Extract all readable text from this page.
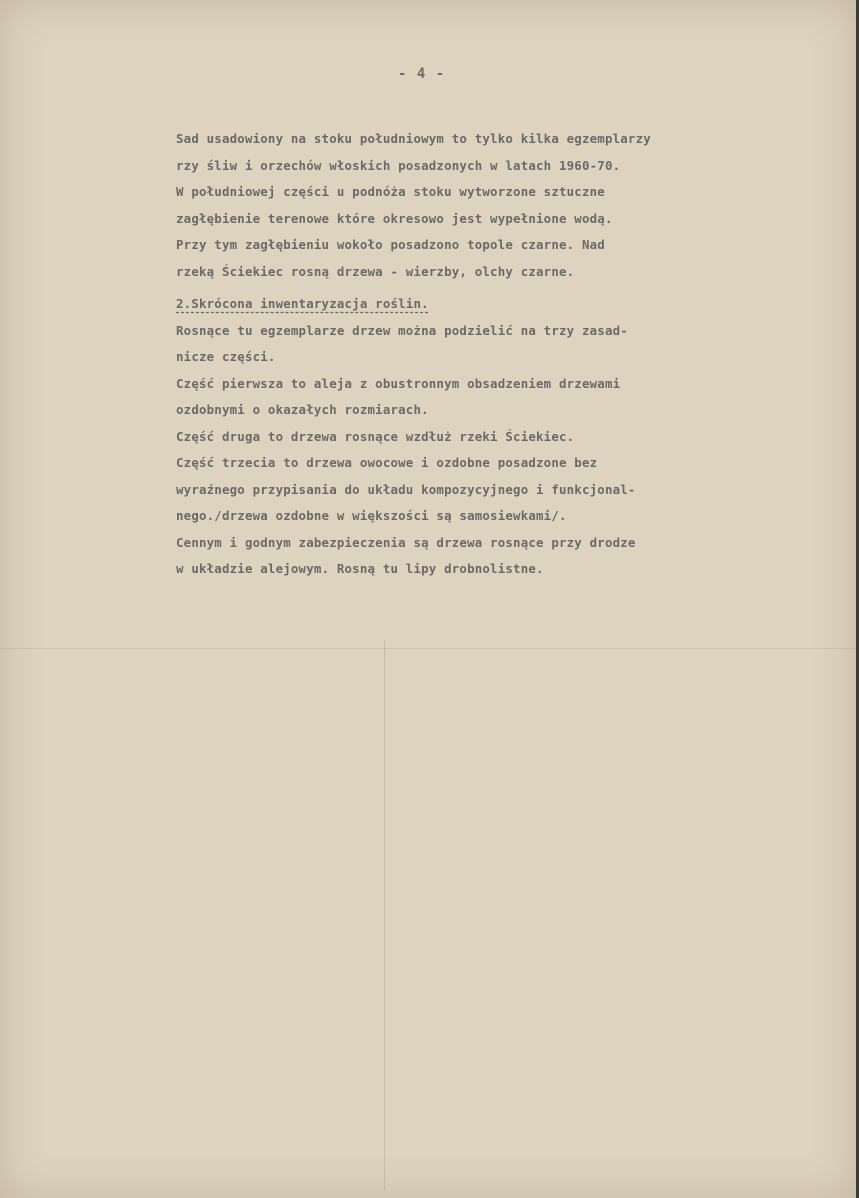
- 4 -
Sad usadowiony na stoku południowym to tylko kilka egzemplarzy
rzy śliw i orzechów włoskich posadzonych w latach 1960-70.
W południowej części u podnóża stoku wytworzone sztuczne
zagłębienie terenowe które okresowo jest wypełnione wodą.
Przy tym zagłębieniu wokoło posadzono topole czarne. Nad
rzeką Ściekiec rosną drzewa - wierzby, olchy czarne.
2.Skrócona inwentaryzacja roślin.
Rosnące tu egzemplarze drzew można podzielić na trzy zasad-
nicze części.
Część pierwsza to aleja z obustronnym obsadzeniem drzewami
ozdobnymi o okazałych rozmiarach.
Część druga to drzewa rosnące wzdłuż rzeki Ściekiec.
Część trzecia to drzewa owocowe i ozdobne posadzone bez
wyraźnego przypisania do układu kompozycyjnego i funkcjonal-
nego./drzewa ozdobne w większości są samosiewkami/.
Cennym i godnym zabezpieczenia są drzewa rosnące przy drodze
w układzie alejowym. Rosną tu lipy drobnolistne.
